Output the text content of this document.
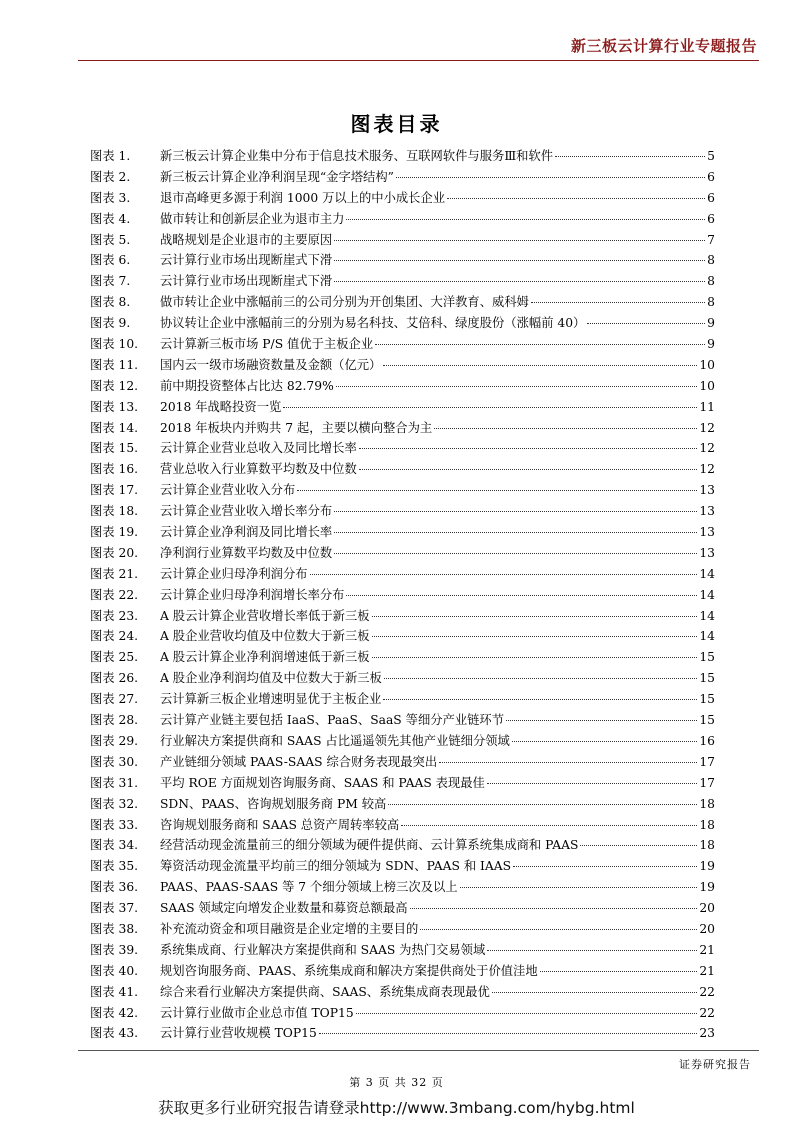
新三板云计算行业专题报告
图表目录
图表 1.	新三板云计算企业集中分布于信息技术服务、互联网软件与服务Ⅲ和软件	5
图表 2.	新三板云计算企业净利润呈现“金字塔结构”	6
图表 3.	退市高峰更多源于利润 1000 万以上的中小成长企业	6
图表 4.	做市转让和创新层企业为退市主力	6
图表 5.	战略规划是企业退市的主要原因	7
图表 6.	云计算行业市场出现断崖式下滑	8
图表 7.	云计算行业市场出现断崖式下滑	8
图表 8.	做市转让企业中涨幅前三的公司分别为开创集团、大洋教育、威科姆	8
图表 9.	协议转让企业中涨幅前三的分别为易名科技、艾倍科、绿度股份（涨幅前 40）	9
图表 10.	云计算新三板市场 P/S 值优于主板企业	9
图表 11.	国内云一级市场融资数量及金额（亿元）	10
图表 12.	前中期投资整体占比达 82.79%	10
图表 13.	2018 年战略投资一览	11
图表 14.	2018 年板块内并购共 7 起，主要以横向整合为主	12
图表 15.	云计算企业营业总收入及同比增长率	12
图表 16.	营业总收入行业算数平均数及中位数	12
图表 17.	云计算企业营业收入分布	13
图表 18.	云计算企业营业收入增长率分布	13
图表 19.	云计算企业净利润及同比增长率	13
图表 20.	净利润行业算数平均数及中位数	13
图表 21.	云计算企业归母净利润分布	14
图表 22.	云计算企业归母净利润增长率分布	14
图表 23.	A 股云计算企业营收增长率低于新三板	14
图表 24.	A 股企业营收均值及中位数大于新三板	14
图表 25.	A 股云计算企业净利润增速低于新三板	15
图表 26.	A 股企业净利润均值及中位数大于新三板	15
图表 27.	云计算新三板企业增速明显优于主板企业	15
图表 28.	云计算产业链主要包括 IaaS、PaaS、SaaS 等细分产业链环节	15
图表 29.	行业解决方案提供商和 SAAS 占比遥遥领先其他产业链细分领域	16
图表 30.	产业链细分领域 PAAS-SAAS 综合财务表现最突出	17
图表 31.	平均 ROE 方面规划咨询服务商、SAAS 和 PAAS 表现最佳	17
图表 32.	SDN、PAAS、咨询规划服务商 PM 较高	18
图表 33.	咨询规划服务商和 SAAS 总资产周转率较高	18
图表 34.	经营活动现金流量前三的细分领域为硬件提供商、云计算系统集成商和 PAAS	18
图表 35.	筹资活动现金流量平均前三的细分领域为 SDN、PAAS 和 IAAS	19
图表 36.	PAAS、PAAS-SAAS 等 7 个细分领域上榜三次及以上	19
图表 37.	SAAS 领域定向增发企业数量和募资总额最高	20
图表 38.	补充流动资金和项目融资是企业定增的主要目的	20
图表 39.	系统集成商、行业解决方案提供商和 SAAS 为热门交易领域	21
图表 40.	规划咨询服务商、PAAS、系统集成商和解决方案提供商处于价值洼地	21
图表 41.	综合来看行业解决方案提供商、SAAS、系统集成商表现最优	22
图表 42.	云计算行业做市企业总市值 TOP15	22
图表 43.	云计算行业营收规模 TOP15	23
证券研究报告
第 3 页 共 32 页
获取更多行业研究报告请登录http://www.3mbang.com/hybg.html
